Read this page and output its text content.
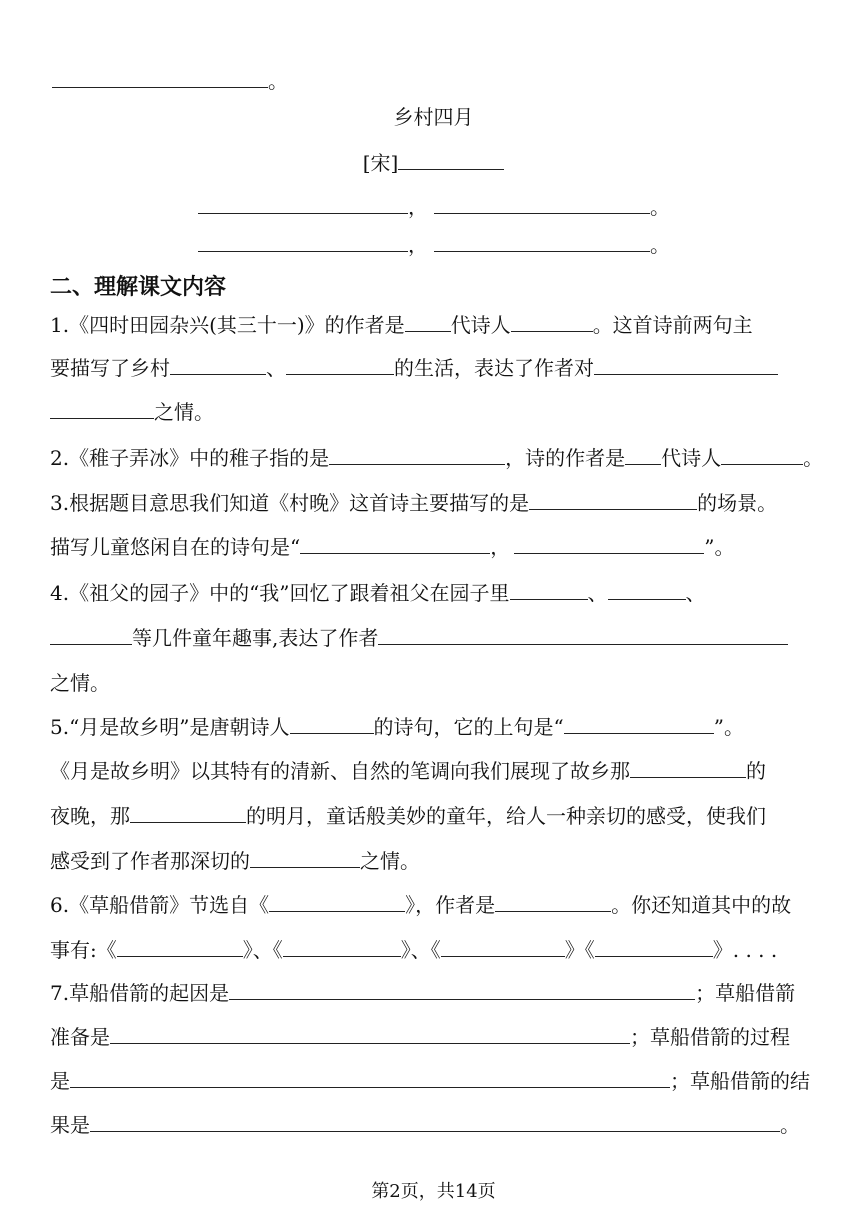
。
乡村四月
[宋]
，	。
，	。
二、理解课文内容
1.《四时田园杂兴(其三十一)》的作者是 代诗人	。这首诗前两句主
要描写了乡村	、	的生活，表达了作者对
之情。
2.《稚子弄冰》中的稚子指的是	，诗的作者是 代诗人	。
3.根据题目意思我们知道《村晚》这首诗主要描写的是	的场景。
描写儿童悠闲自在的诗句是“	，	”。
4.《祖父的园子》中的“我”回忆了跟着祖父在园子里	、	、
等几件童年趣事,表达了作者
之情。
5.“月是故乡明”是唐朝诗人	的诗句，它的上句是“	”。
《月是故乡明》以其特有的清新、自然的笔调向我们展现了故乡那	的
夜晚，那	的明月，童话般美妙的童年，给人一种亲切的感受，使我们
感受到了作者那深切的	之情。
6.《草船借箭》节选自《	》，作者是	。你还知道其中的故
事有:《	》、《	》、《	》《	》. . . .
7.草船借箭的起因是	；草船借箭
准备是	；草船借箭的过程
是	；草船借箭的结
果是	。
第2页，共14页
